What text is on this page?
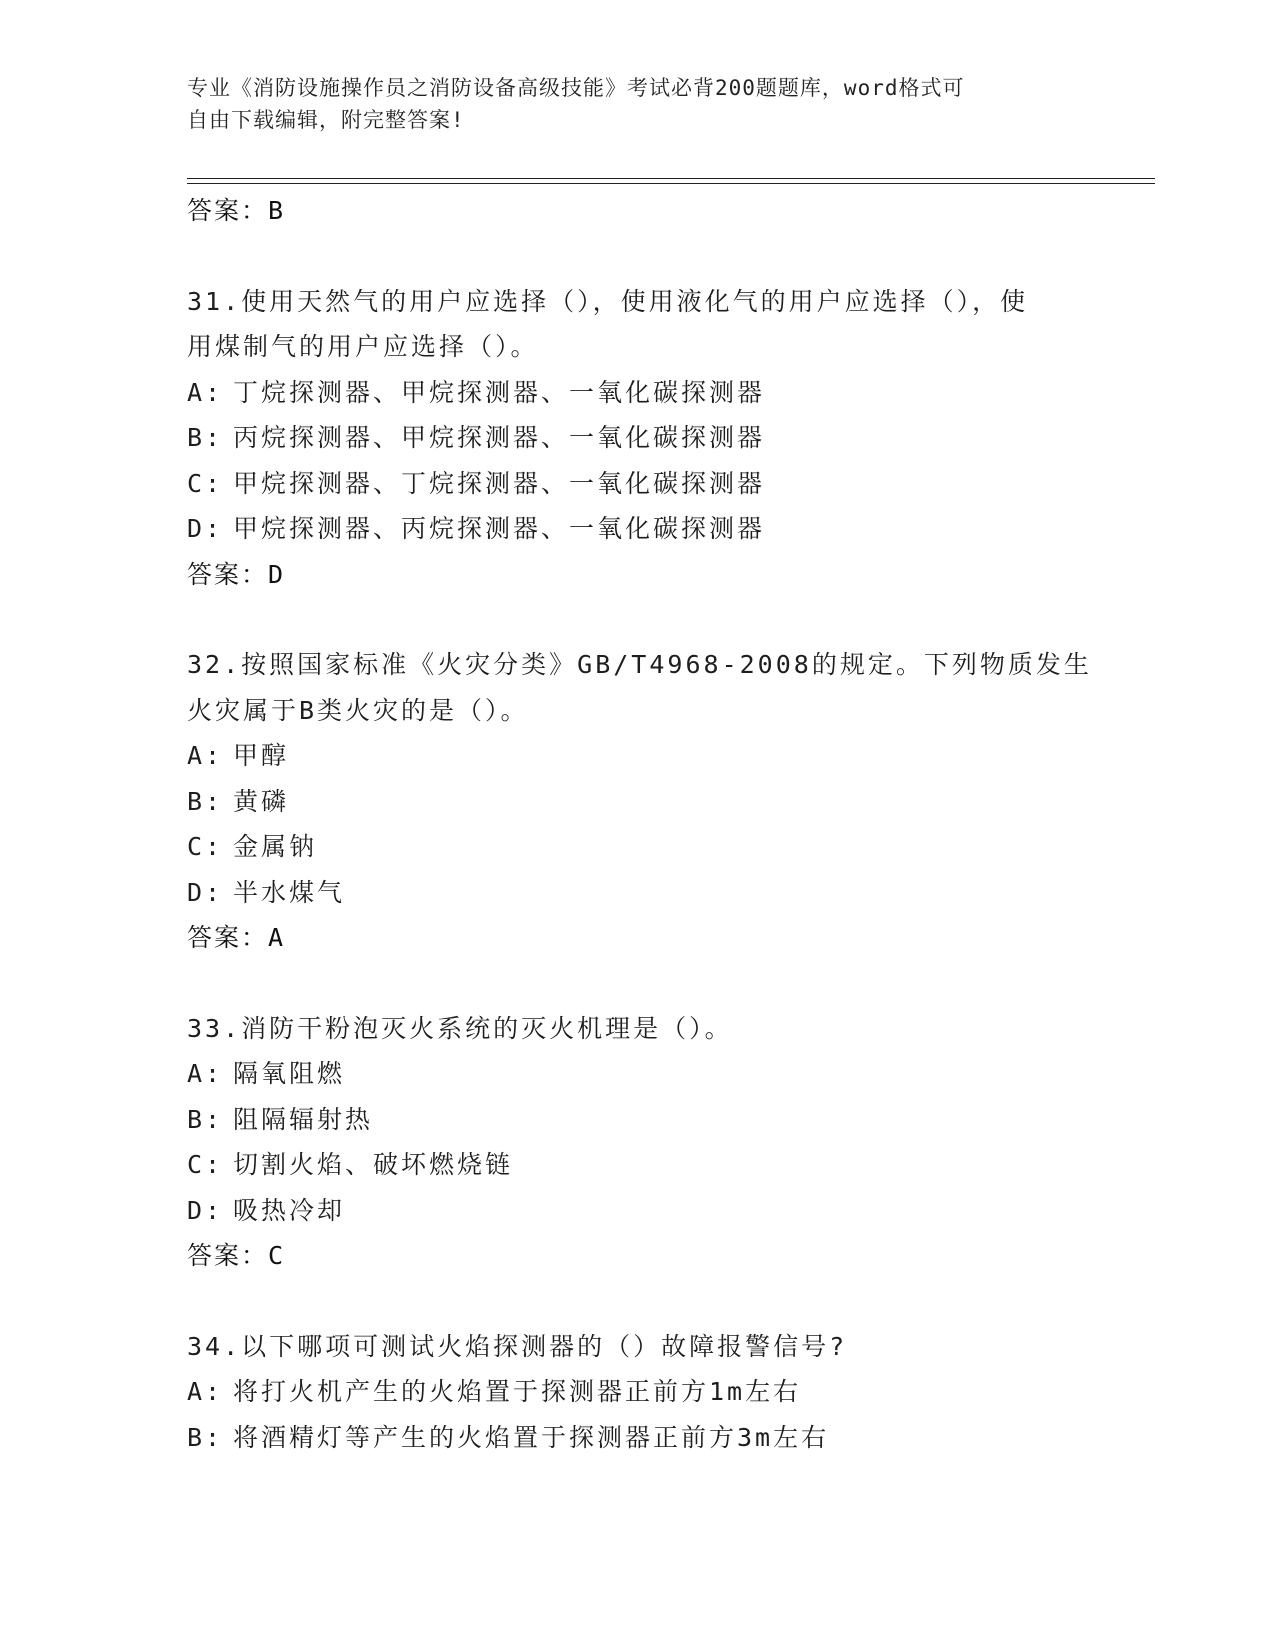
专业《消防设施操作员之消防设备高级技能》考试必背200题题库，word格式可
自由下载编辑，附完整答案!
答案：B
31.使用天然气的用户应选择（），使用液化气的用户应选择（），使
用煤制气的用户应选择（）。
A: 丁烷探测器、甲烷探测器、一氧化碳探测器
B: 丙烷探测器、甲烷探测器、一氧化碳探测器
C: 甲烷探测器、丁烷探测器、一氧化碳探测器
D: 甲烷探测器、丙烷探测器、一氧化碳探测器
答案：D
32.按照国家标准《火灾分类》GB/T4968-2008的规定。下列物质发生
火灾属于B类火灾的是（）。
A: 甲醇
B: 黄磷
C: 金属钠
D: 半水煤气
答案：A
33.消防干粉泡灭火系统的灭火机理是（）。
A: 隔氧阻燃
B: 阻隔辐射热
C: 切割火焰、破坏燃烧链
D: 吸热冷却
答案：C
34.以下哪项可测试火焰探测器的（）故障报警信号?
A: 将打火机产生的火焰置于探测器正前方1m左右
B: 将酒精灯等产生的火焰置于探测器正前方3m左右
